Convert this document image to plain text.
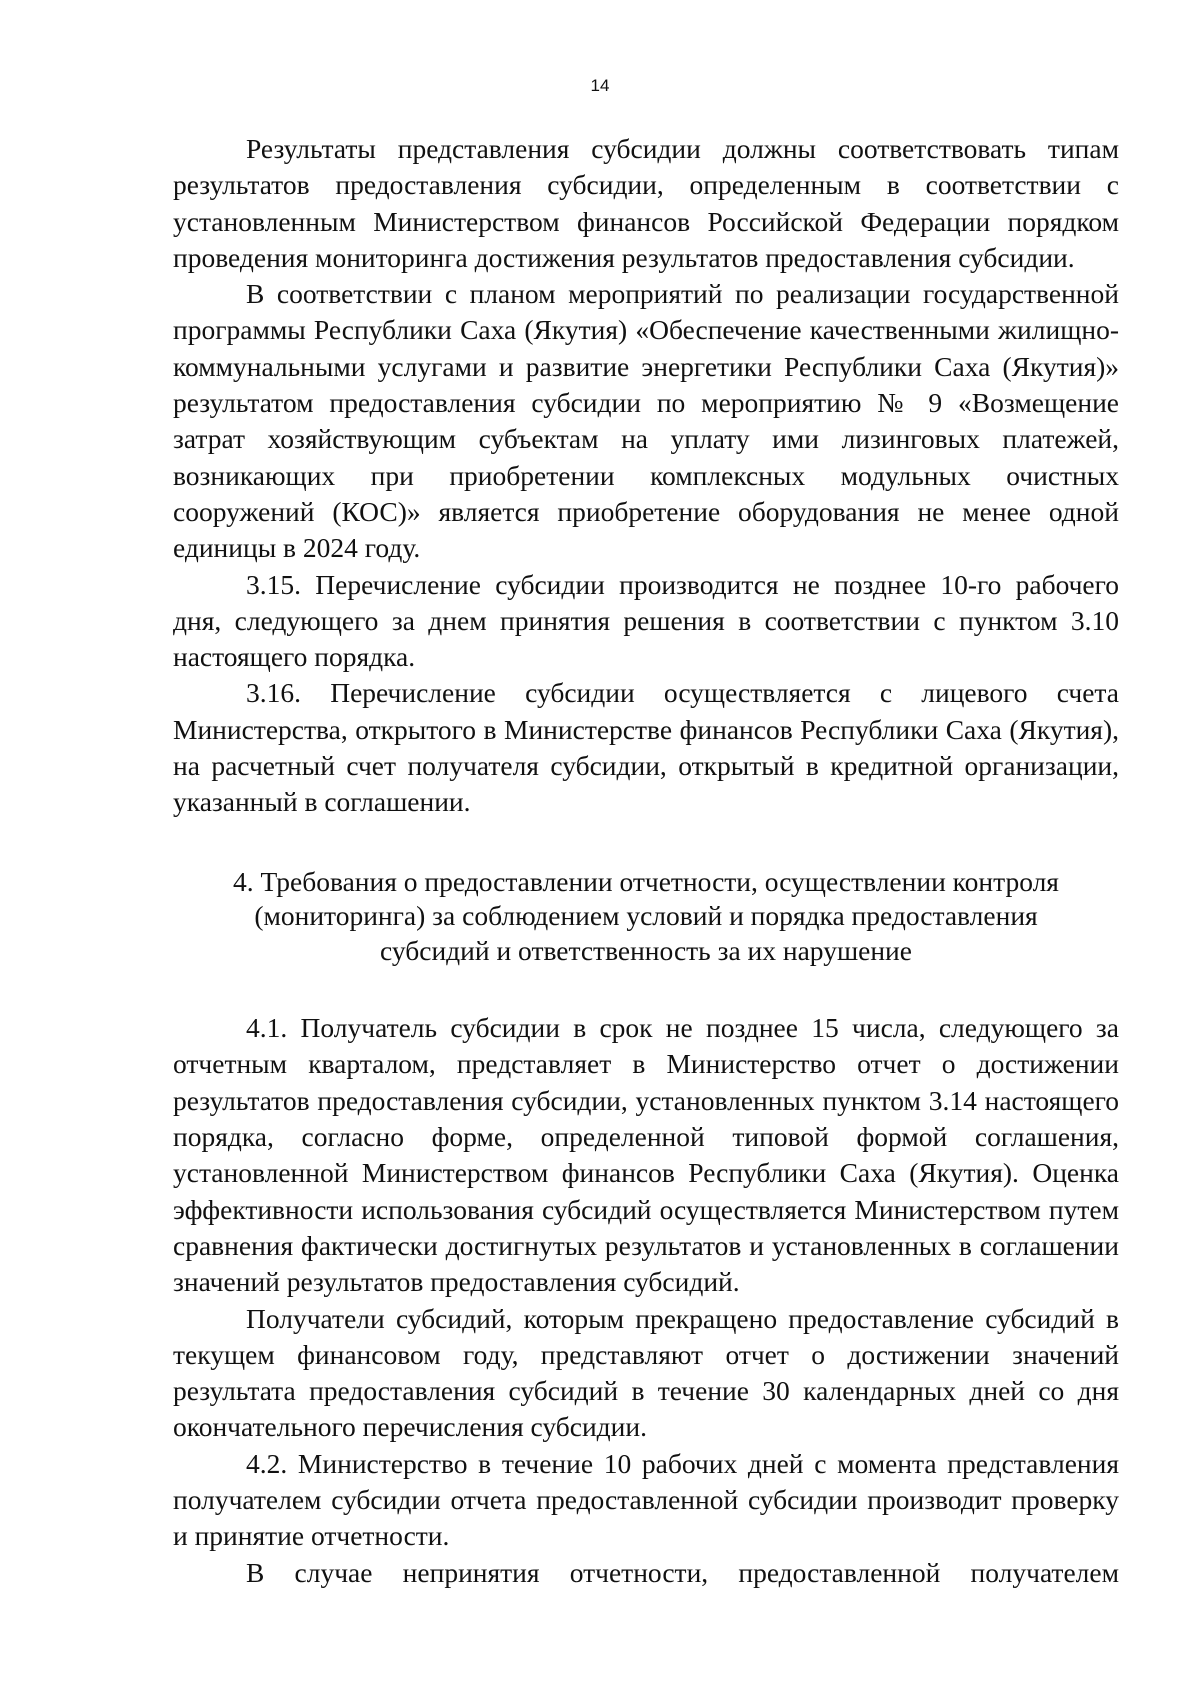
14

Результаты представления субсидии должны соответствовать типам результатов предоставления субсидии, определенным в соответствии с установленным Министерством финансов Российской Федерации порядком проведения мониторинга достижения результатов предоставления субсидии.

В соответствии с планом мероприятий по реализации государственной программы Республики Саха (Якутия) «Обеспечение качественными жилищно-коммунальными услугами и развитие энергетики Республики Саха (Якутия)» результатом предоставления субсидии по мероприятию № 9 «Возмещение затрат хозяйствующим субъектам на уплату ими лизинговых платежей, возникающих при приобретении комплексных модульных очистных сооружений (КОС)» является приобретение оборудования не менее одной единицы в 2024 году.

3.15. Перечисление субсидии производится не позднее 10-го рабочего дня, следующего за днем принятия решения в соответствии с пунктом 3.10 настоящего порядка.

3.16. Перечисление субсидии осуществляется с лицевого счета Министерства, открытого в Министерстве финансов Республики Саха (Якутия), на расчетный счет получателя субсидии, открытый в кредитной организации, указанный в соглашении.

4. Требования о предоставлении отчетности, осуществлении контроля
(мониторинга) за соблюдением условий и порядка предоставления
субсидий и ответственность за их нарушение

4.1. Получатель субсидии в срок не позднее 15 числа, следующего за отчетным кварталом, представляет в Министерство отчет о достижении результатов предоставления субсидии, установленных пунктом 3.14 настоящего порядка, согласно форме, определенной типовой формой соглашения, установленной Министерством финансов Республики Саха (Якутия). Оценка эффективности использования субсидий осуществляется Министерством путем сравнения фактически достигнутых результатов и установленных в соглашении значений результатов предоставления субсидий.

Получатели субсидий, которым прекращено предоставление субсидий в текущем финансовом году, представляют отчет о достижении значений результата предоставления субсидий в течение 30 календарных дней со дня окончательного перечисления субсидии.

4.2. Министерство в течение 10 рабочих дней с момента представления получателем субсидии отчета предоставленной субсидии производит проверку и принятие отчетности.

В случае непринятия отчетности, предоставленной получателем
